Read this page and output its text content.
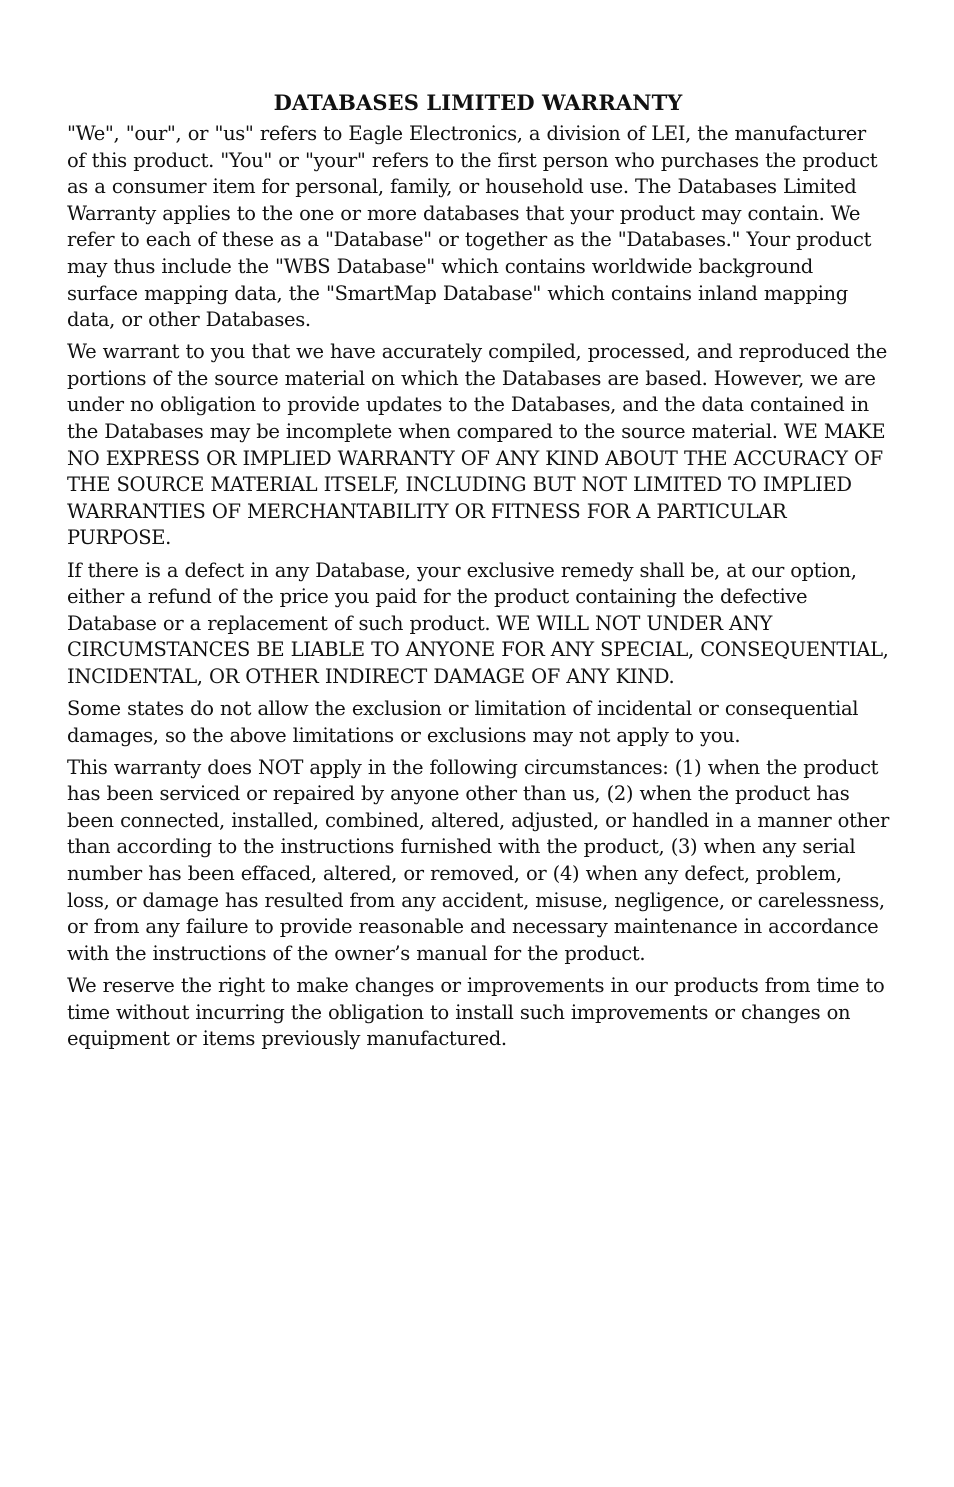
DATABASES LIMITED WARRANTY

"We", "our", or "us" refers to Eagle Electronics, a division of LEI, the manufacturer of this product. "You" or "your" refers to the first person who purchases the product as a consumer item for personal, family, or household use. The Databases Limited Warranty applies to the one or more databases that your product may contain. We refer to each of these as a "Database" or together as the "Databases." Your product may thus include the "WBS Database" which contains worldwide background surface mapping data, the "SmartMap Database" which contains inland mapping data, or other Databases.

We warrant to you that we have accurately compiled, processed, and reproduced the portions of the source material on which the Databases are based. However, we are under no obligation to provide updates to the Databases, and the data contained in the Databases may be incomplete when compared to the source material. WE MAKE NO EXPRESS OR IMPLIED WARRANTY OF ANY KIND ABOUT THE ACCURACY OF THE SOURCE MATERIAL ITSELF, INCLUDING BUT NOT LIMITED TO IMPLIED WARRANTIES OF MERCHANTABILITY OR FITNESS FOR A PARTICULAR PURPOSE.

If there is a defect in any Database, your exclusive remedy shall be, at our option, either a refund of the price you paid for the product containing the defective Database or a replacement of such product. WE WILL NOT UNDER ANY CIRCUMSTANCES BE LIABLE TO ANYONE FOR ANY SPECIAL, CONSEQUENTIAL, INCIDENTAL, OR OTHER INDIRECT DAMAGE OF ANY KIND.

Some states do not allow the exclusion or limitation of incidental or consequential damages, so the above limitations or exclusions may not apply to you.

This warranty does NOT apply in the following circumstances: (1) when the product has been serviced or repaired by anyone other than us, (2) when the product has been connected, installed, combined, altered, adjusted, or handled in a manner other than according to the instructions furnished with the product, (3) when any serial number has been effaced, altered, or removed, or (4) when any defect, problem, loss, or damage has resulted from any accident, misuse, negligence, or carelessness, or from any failure to provide reasonable and necessary maintenance in accordance with the instructions of the owner’s manual for the product.

We reserve the right to make changes or improvements in our products from time to time without incurring the obligation to install such improvements or changes on equipment or items previously manufactured.
